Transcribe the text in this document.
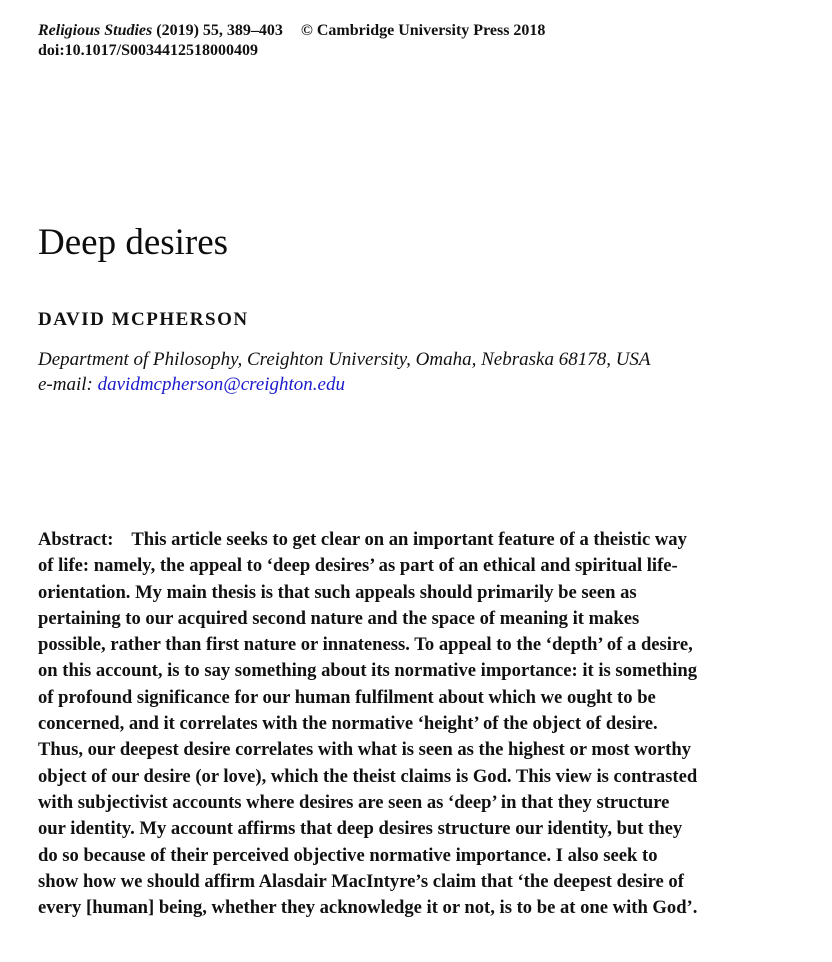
Religious Studies (2019) 55, 389–403 © Cambridge University Press 2018
doi:10.1017/S0034412518000409
Deep desires
DAVID MCPHERSON
Department of Philosophy, Creighton University, Omaha, Nebraska 68178, USA
e-mail: davidmcpherson@creighton.edu
Abstract: This article seeks to get clear on an important feature of a theistic way
of life: namely, the appeal to ‘deep desires’ as part of an ethical and spiritual life-
orientation. My main thesis is that such appeals should primarily be seen as
pertaining to our acquired second nature and the space of meaning it makes
possible, rather than first nature or innateness. To appeal to the ‘depth’ of a desire,
on this account, is to say something about its normative importance: it is something
of profound significance for our human fulfilment about which we ought to be
concerned, and it correlates with the normative ‘height’ of the object of desire.
Thus, our deepest desire correlates with what is seen as the highest or most worthy
object of our desire (or love), which the theist claims is God. This view is contrasted
with subjectivist accounts where desires are seen as ‘deep’ in that they structure
our identity. My account affirms that deep desires structure our identity, but they
do so because of their perceived objective normative importance. I also seek to
show how we should affirm Alasdair MacIntyre’s claim that ‘the deepest desire of
every [human] being, whether they acknowledge it or not, is to be at one with God’.
